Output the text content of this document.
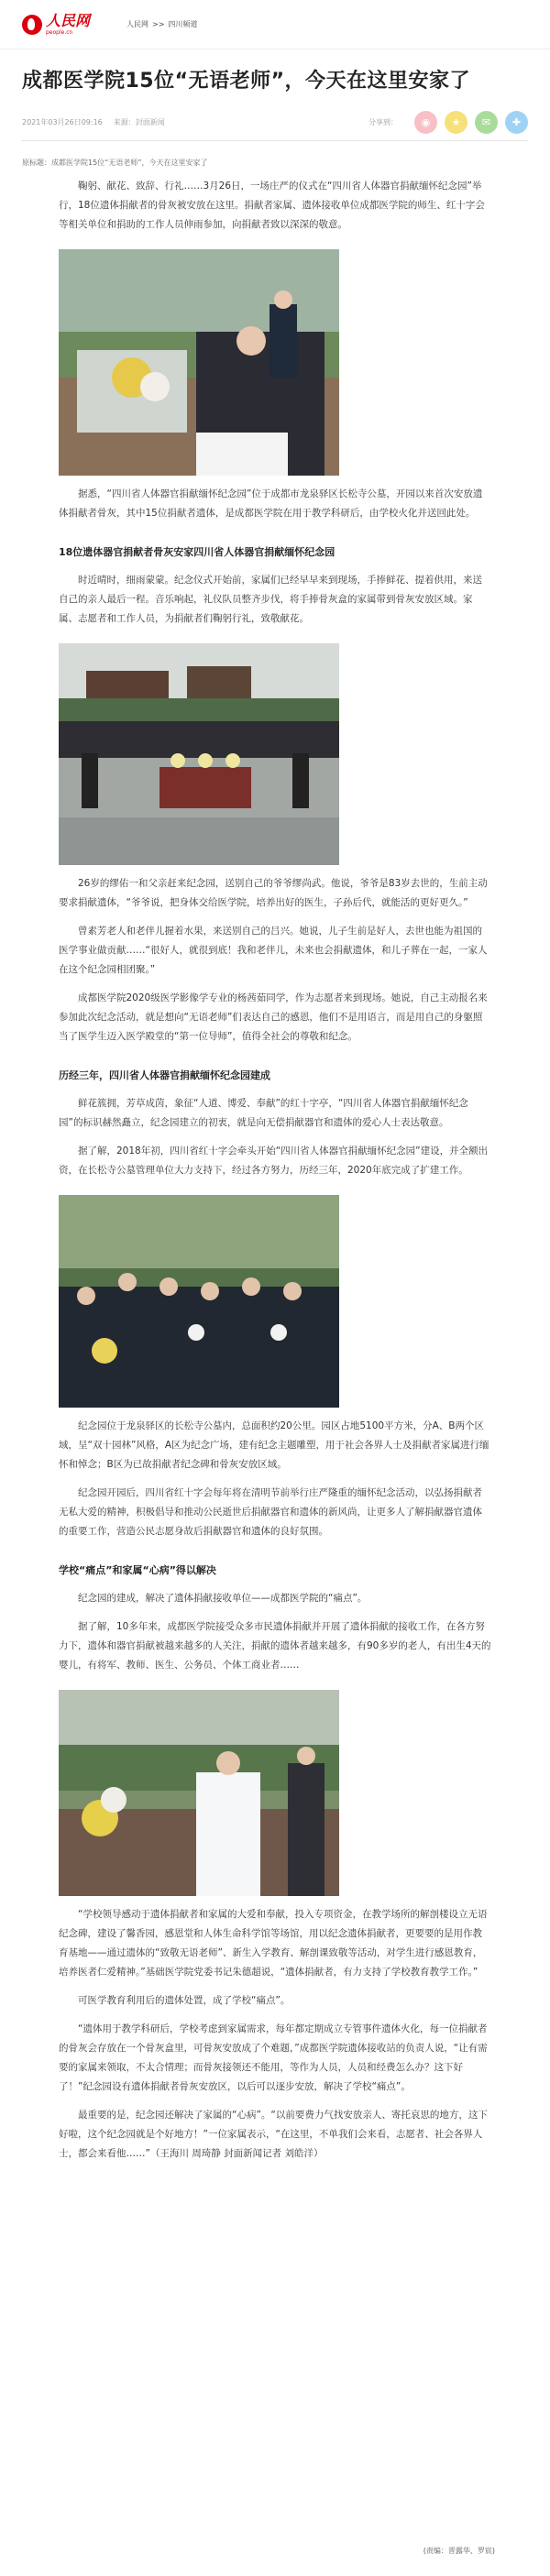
人民网
people.cn
人民网 >> 四川频道
成都医学院15位“无语老师”，今天在这里安家了
2021年03月26日09:16 来源：封面新闻	分享到：	◉	★	✉	✚
原标题：成都医学院15位“无语老师”，今天在这里安家了

鞠躬、献花、致辞、行礼……3月26日，一场庄严的仪式在“四川省人体器官捐献缅怀纪念园”举行，18位遗体捐献者的骨灰被安放在这里。捐献者家属、遗体接收单位成都医学院的师生、红十字会等相关单位和捐助的工作人员伸雨参加，向捐献者致以深深的敬意。

据悉，“四川省人体器官捐献缅怀纪念园”位于成都市龙泉驿区长松寺公墓，开园以来首次安放遗体捐献者骨灰，其中15位捐献者遗体，是成都医学院在用于教学科研后，由学校火化并送回此处。

18位遗体器官捐献者骨灰安家四川省人体器官捐献缅怀纪念园

时近晴时，细雨蒙蒙。纪念仪式开始前，家属们已经早早来到现场，手捧鲜花、提着供用，来送自己的亲人最后一程。音乐响起，礼仪队员整齐步伐，将手捧骨灰盒的家属带到骨灰安放区域。家属、志愿者和工作人员，为捐献者们鞠躬行礼，致敬献花。

26岁的缪佑一和父亲赶来纪念园，送别自己的爷爷缪尚武。他说，爷爷是83岁去世的，生前主动要求捐献遗体，“爷爷说，把身体交给医学院，培养出好的医生，子孙后代，就能活的更好更久。”

曾素芳老人和老伴儿握着水果，来送别自己的吕兴。她说，儿子生前是好人，去世也能为祖国的医学事业做贡献……“很好人，就很到底！我和老伴儿，未来也会捐献遗体，和儿子葬在一起，一家人在这个纪念园相团聚。”

成都医学院2020级医学影像学专业的杨茜茹同学，作为志愿者来到现场。她说，自己主动报名来参加此次纪念活动，就是想向“无语老师”们表达自己的感恩，他们不是用语言，而是用自己的身躯照当了医学生迈入医学殿堂的“第一位导师”，值得全社会的尊敬和纪念。

历经三年，四川省人体器官捐献缅怀纪念园建成

鲜花簇拥，芳草成茵，象征“人道、博爱、奉献”的红十字亭，“四川省人体器官捐献缅怀纪念园”的标识赫然矗立，纪念园建立的初衷，就是向无偿捐献器官和遗体的爱心人士表达敬意。

据了解，2018年初，四川省红十字会牵头开始“四川省人体器官捐献缅怀纪念园”建设，并全额出资，在长松寺公墓管理单位大力支持下，经过各方努力，历经三年，2020年底完成了扩建工作。

纪念园位于龙泉驿区的长松寺公墓内，总面积约20公里。园区占地5100平方米，分A、B两个区域，呈“双十园林”风格，A区为纪念广场，建有纪念主题雕塑，用于社会各界人士及捐献者家属进行缅怀和悼念；B区为已故捐献者纪念碑和骨灰安放区域。

纪念园开园后，四川省红十字会每年将在清明节前举行庄严隆重的缅怀纪念活动，以弘扬捐献者无私大爱的精神，积极倡导和推动公民逝世后捐献器官和遗体的新风尚，让更多人了解捐献器官遗体的重要工作，营造公民志愿身故后捐献器官和遗体的良好氛围。

学校“痛点”和家属“心病”得以解决

纪念园的建成，解决了遗体捐献接收单位——成都医学院的“痛点”。

据了解，10多年来，成都医学院接受众多市民遗体捐献并开展了遗体捐献的接收工作，在各方努力下，遗体和器官捐献被越来越多的人关注，捐献的遗体者越来越多，有90多岁的老人，有出生4天的婴儿，有将军、教师、医生、公务员、个体工商业者……

“学校领导感动于遗体捐献者和家属的大爱和奉献，投入专项资金，在教学场所的解剖楼设立无语纪念碑，建设了馨香园，感恩堂和人体生命科学馆等场馆，用以纪念遗体捐献者，更要要的是用作教育基地——通过遗体的“致敬无语老师”、新生入学教育、解剖课致敬等活动，对学生进行感恩教育，培养医者仁爱精神。”基础医学院党委书记朱德超说，“遗体捐献者，有力支持了学校教育教学工作。”

可医学教育利用后的遗体处置，成了学校“痛点”。

“遗体用于教学科研后，学校考虑到家属需求，每年都定期成立专管事件遗体火化，每一位捐献者的骨灰会存放在一个骨灰盒里，可骨灰安放成了个难题，”成都医学院遗体接收站的负责人说，“让有需要的家属来领取，不太合情理；而骨灰接领还不能用，等作为人员，人员和经费怎么办？这下好了！”纪念园设有遗体捐献者骨灰安放区，以后可以逐步安放，解决了学校“痛点”。

最重要的是，纪念园还解决了家属的“心病”。“以前要费力气找安放亲人、寄托哀思的地方，这下好啦，这个纪念园就是个好地方！”一位家属表示，“在这里，不单我们会来看，志愿者、社会各界人士，都会来看他……”（王海川 周琦静 封面新闻记者 刘皓洋）

(责编：晋露华、罗宸)
